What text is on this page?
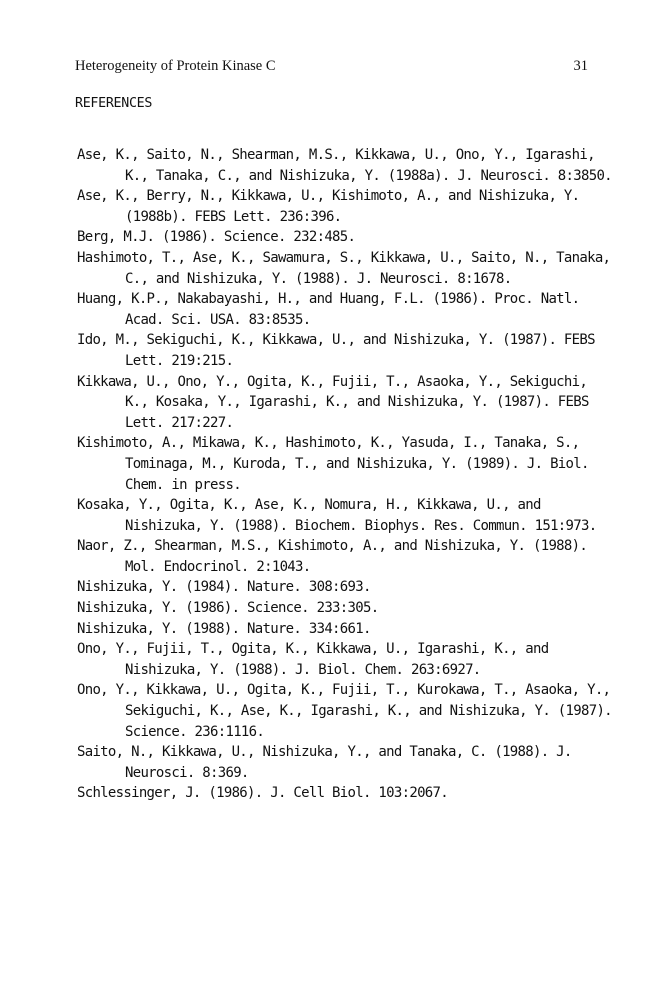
Heterogeneity of Protein Kinase C	31
REFERENCES

Ase, K., Saito, N., Shearman, M.S., Kikkawa, U., Ono, Y., Igarashi, K., Tanaka, C., and Nishizuka, Y. (1988a). J. Neurosci. 8:3850.

Ase, K., Berry, N., Kikkawa, U., Kishimoto, A., and Nishizuka, Y. (1988b). FEBS Lett. 236:396.

Berg, M.J. (1986). Science. 232:485.

Hashimoto, T., Ase, K., Sawamura, S., Kikkawa, U., Saito, N., Tanaka, C., and Nishizuka, Y. (1988). J. Neurosci. 8:1678.

Huang, K.P., Nakabayashi, H., and Huang, F.L. (1986). Proc. Natl. Acad. Sci. USA. 83:8535.

Ido, M., Sekiguchi, K., Kikkawa, U., and Nishizuka, Y. (1987). FEBS Lett. 219:215.

Kikkawa, U., Ono, Y., Ogita, K., Fujii, T., Asaoka, Y., Sekiguchi, K., Kosaka, Y., Igarashi, K., and Nishizuka, Y. (1987). FEBS Lett. 217:227.

Kishimoto, A., Mikawa, K., Hashimoto, K., Yasuda, I., Tanaka, S., Tominaga, M., Kuroda, T., and Nishizuka, Y. (1989). J. Biol. Chem. in press.

Kosaka, Y., Ogita, K., Ase, K., Nomura, H., Kikkawa, U., and Nishizuka, Y. (1988). Biochem. Biophys. Res. Commun. 151:973.

Naor, Z., Shearman, M.S., Kishimoto, A., and Nishizuka, Y. (1988). Mol. Endocrinol. 2:1043.

Nishizuka, Y. (1984). Nature. 308:693.

Nishizuka, Y. (1986). Science. 233:305.

Nishizuka, Y. (1988). Nature. 334:661.

Ono, Y., Fujii, T., Ogita, K., Kikkawa, U., Igarashi, K., and Nishizuka, Y. (1988). J. Biol. Chem. 263:6927.

Ono, Y., Kikkawa, U., Ogita, K., Fujii, T., Kurokawa, T., Asaoka, Y., Sekiguchi, K., Ase, K., Igarashi, K., and Nishizuka, Y. (1987). Science. 236:1116.

Saito, N., Kikkawa, U., Nishizuka, Y., and Tanaka, C. (1988). J. Neurosci. 8:369.

Schlessinger, J. (1986). J. Cell Biol. 103:2067.
